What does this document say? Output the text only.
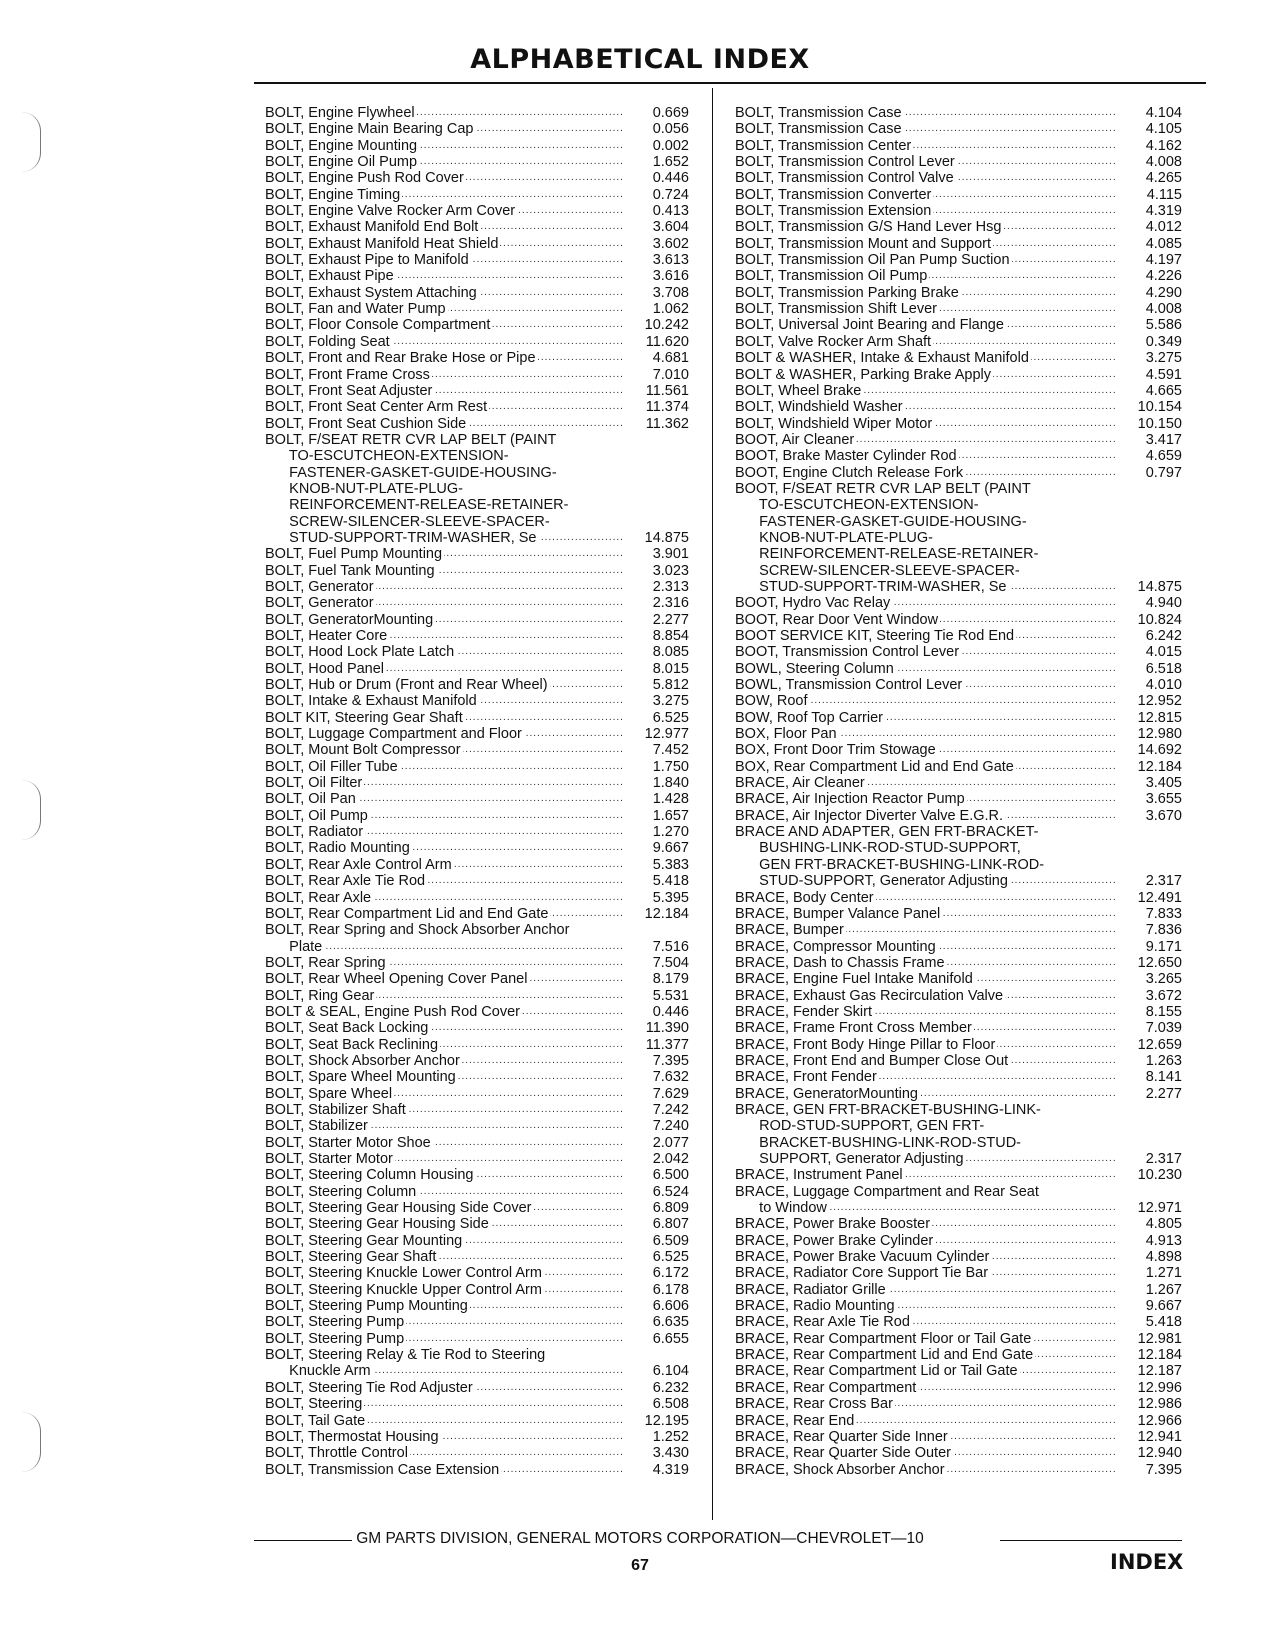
ALPHABETICAL INDEX
BOLT, Engine Flywheel .....	0.669
BOLT, Engine Main Bearing Cap .....	0.056
BOLT, Engine Mounting .....	0.002
BOLT, Engine Oil Pump .....	1.652
BOLT, Engine Push Rod Cover .....	0.446
BOLT, Engine Timing .....	0.724
BOLT, Engine Valve Rocker Arm Cover .....	0.413
BOLT, Exhaust Manifold End Bolt .....	3.604
BOLT, Exhaust Manifold Heat Shield .....	3.602
BOLT, Exhaust Pipe to Manifold .....	3.613
BOLT, Exhaust Pipe .....	3.616
BOLT, Exhaust System Attaching .....	3.708
BOLT, Fan and Water Pump .....	1.062
BOLT, Floor Console Compartment .....	10.242
BOLT, Folding Seat .....	11.620
BOLT, Front and Rear Brake Hose or Pipe .....	4.681
BOLT, Front Frame Cross .....	7.010
BOLT, Front Seat Adjuster .....	11.561
BOLT, Front Seat Center Arm Rest .....	11.374
BOLT, Front Seat Cushion Side .....	11.362
BOLT, F/SEAT RETR CVR LAP BELT (PAINT
TO-ESCUTCHEON-EXTENSION-
FASTENER-GASKET-GUIDE-HOUSING-
KNOB-NUT-PLATE-PLUG-
REINFORCEMENT-RELEASE-RETAINER-
SCREW-SILENCER-SLEEVE-SPACER-
STUD-SUPPORT-TRIM-WASHER, Se .....	14.875
BOLT, Fuel Pump Mounting .....	3.901
BOLT, Fuel Tank Mounting .....	3.023
BOLT, Generator .....	2.313
BOLT, Generator .....	2.316
BOLT, GeneratorMounting .....	2.277
BOLT, Heater Core .....	8.854
BOLT, Hood Lock Plate Latch .....	8.085
BOLT, Hood Panel .....	8.015
BOLT, Hub or Drum (Front and Rear Wheel) .....	5.812
BOLT, Intake & Exhaust Manifold .....	3.275
BOLT KIT, Steering Gear Shaft .....	6.525
BOLT, Luggage Compartment and Floor .....	12.977
BOLT, Mount Bolt Compressor .....	7.452
BOLT, Oil Filler Tube .....	1.750
BOLT, Oil Filter .....	1.840
BOLT, Oil Pan .....	1.428
BOLT, Oil Pump .....	1.657
BOLT, Radiator .....	1.270
BOLT, Radio Mounting .....	9.667
BOLT, Rear Axle Control Arm .....	5.383
BOLT, Rear Axle Tie Rod .....	5.418
BOLT, Rear Axle .....	5.395
BOLT, Rear Compartment Lid and End Gate .....	12.184
BOLT, Rear Spring and Shock Absorber Anchor
Plate .....	7.516
BOLT, Rear Spring .....	7.504
BOLT, Rear Wheel Opening Cover Panel .....	8.179
BOLT, Ring Gear .....	5.531
BOLT & SEAL, Engine Push Rod Cover .....	0.446
BOLT, Seat Back Locking .....	11.390
BOLT, Seat Back Reclining .....	11.377
BOLT, Shock Absorber Anchor .....	7.395
BOLT, Spare Wheel Mounting .....	7.632
BOLT, Spare Wheel .....	7.629
BOLT, Stabilizer Shaft .....	7.242
BOLT, Stabilizer .....	7.240
BOLT, Starter Motor Shoe .....	2.077
BOLT, Starter Motor .....	2.042
BOLT, Steering Column Housing .....	6.500
BOLT, Steering Column .....	6.524
BOLT, Steering Gear Housing Side Cover .....	6.809
BOLT, Steering Gear Housing Side .....	6.807
BOLT, Steering Gear Mounting .....	6.509
BOLT, Steering Gear Shaft .....	6.525
BOLT, Steering Knuckle Lower Control Arm .....	6.172
BOLT, Steering Knuckle Upper Control Arm .....	6.178
BOLT, Steering Pump Mounting .....	6.606
BOLT, Steering Pump .....	6.635
BOLT, Steering Pump .....	6.655
BOLT, Steering Relay & Tie Rod to Steering
Knuckle Arm .....	6.104
BOLT, Steering Tie Rod Adjuster .....	6.232
BOLT, Steering .....	6.508
BOLT, Tail Gate .....	12.195
BOLT, Thermostat Housing .....	1.252
BOLT, Throttle Control .....	3.430
BOLT, Transmission Case Extension .....	4.319
BOLT, Transmission Case .....	4.104
BOLT, Transmission Case .....	4.105
BOLT, Transmission Center .....	4.162
BOLT, Transmission Control Lever .....	4.008
BOLT, Transmission Control Valve .....	4.265
BOLT, Transmission Converter .....	4.115
BOLT, Transmission Extension .....	4.319
BOLT, Transmission G/S Hand Lever Hsg .....	4.012
BOLT, Transmission Mount and Support .....	4.085
BOLT, Transmission Oil Pan Pump Suction .....	4.197
BOLT, Transmission Oil Pump .....	4.226
BOLT, Transmission Parking Brake .....	4.290
BOLT, Transmission Shift Lever .....	4.008
BOLT, Universal Joint Bearing and Flange .....	5.586
BOLT, Valve Rocker Arm Shaft .....	0.349
BOLT & WASHER, Intake & Exhaust Manifold .....	3.275
BOLT & WASHER, Parking Brake Apply .....	4.591
BOLT, Wheel Brake .....	4.665
BOLT, Windshield Washer .....	10.154
BOLT, Windshield Wiper Motor .....	10.150
BOOT, Air Cleaner .....	3.417
BOOT, Brake Master Cylinder Rod .....	4.659
BOOT, Engine Clutch Release Fork .....	0.797
BOOT, F/SEAT RETR CVR LAP BELT (PAINT
TO-ESCUTCHEON-EXTENSION-
FASTENER-GASKET-GUIDE-HOUSING-
KNOB-NUT-PLATE-PLUG-
REINFORCEMENT-RELEASE-RETAINER-
SCREW-SILENCER-SLEEVE-SPACER-
STUD-SUPPORT-TRIM-WASHER, Se .....	14.875
BOOT, Hydro Vac Relay .....	4.940
BOOT, Rear Door Vent Window .....	10.824
BOOT SERVICE KIT, Steering Tie Rod End .....	6.242
BOOT, Transmission Control Lever .....	4.015
BOWL, Steering Column .....	6.518
BOWL, Transmission Control Lever .....	4.010
BOW, Roof .....	12.952
BOW, Roof Top Carrier .....	12.815
BOX, Floor Pan .....	12.980
BOX, Front Door Trim Stowage .....	14.692
BOX, Rear Compartment Lid and End Gate .....	12.184
BRACE, Air Cleaner .....	3.405
BRACE, Air Injection Reactor Pump .....	3.655
BRACE, Air Injector Diverter Valve E.G.R. .....	3.670
BRACE AND ADAPTER, GEN FRT-BRACKET-
BUSHING-LINK-ROD-STUD-SUPPORT,
GEN FRT-BRACKET-BUSHING-LINK-ROD-
STUD-SUPPORT, Generator Adjusting .....	2.317
BRACE, Body Center .....	12.491
BRACE, Bumper Valance Panel .....	7.833
BRACE, Bumper .....	7.836
BRACE, Compressor Mounting .....	9.171
BRACE, Dash to Chassis Frame .....	12.650
BRACE, Engine Fuel Intake Manifold .....	3.265
BRACE, Exhaust Gas Recirculation Valve .....	3.672
BRACE, Fender Skirt .....	8.155
BRACE, Frame Front Cross Member .....	7.039
BRACE, Front Body Hinge Pillar to Floor .....	12.659
BRACE, Front End and Bumper Close Out .....	1.263
BRACE, Front Fender .....	8.141
BRACE, GeneratorMounting .....	2.277
BRACE, GEN FRT-BRACKET-BUSHING-LINK-
ROD-STUD-SUPPORT, GEN FRT-
BRACKET-BUSHING-LINK-ROD-STUD-
SUPPORT, Generator Adjusting .....	2.317
BRACE, Instrument Panel .....	10.230
BRACE, Luggage Compartment and Rear Seat
to Window .....	12.971
BRACE, Power Brake Booster .....	4.805
BRACE, Power Brake Cylinder .....	4.913
BRACE, Power Brake Vacuum Cylinder .....	4.898
BRACE, Radiator Core Support Tie Bar .....	1.271
BRACE, Radiator Grille .....	1.267
BRACE, Radio Mounting .....	9.667
BRACE, Rear Axle Tie Rod .....	5.418
BRACE, Rear Compartment Floor or Tail Gate .....	12.981
BRACE, Rear Compartment Lid and End Gate .....	12.184
BRACE, Rear Compartment Lid or Tail Gate .....	12.187
BRACE, Rear Compartment .....	12.996
BRACE, Rear Cross Bar .....	12.986
BRACE, Rear End .....	12.966
BRACE, Rear Quarter Side Inner .....	12.941
BRACE, Rear Quarter Side Outer .....	12.940
BRACE, Shock Absorber Anchor .....	7.395
GM PARTS DIVISION, GENERAL MOTORS CORPORATION—CHEVROLET—10
67	INDEX
